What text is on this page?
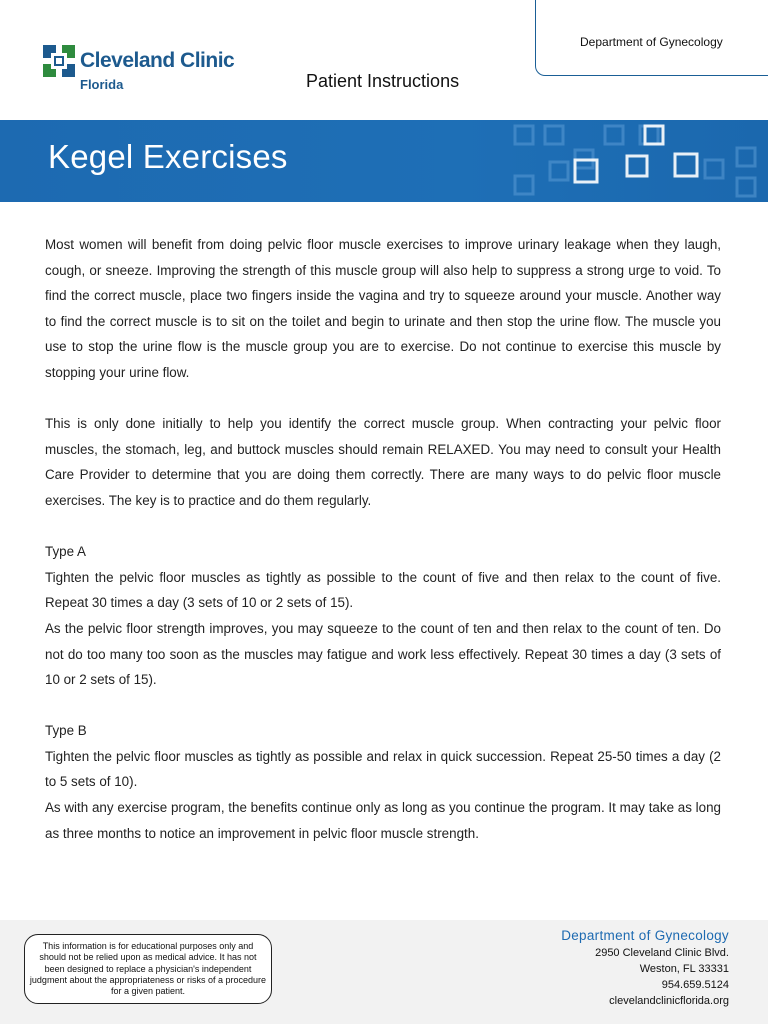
Department of Gynecology
Cleveland Clinic
Florida	Patient Instructions
Kegel Exercises

Most women will benefit from doing pelvic floor muscle exercises to improve urinary leakage when they laugh, cough, or sneeze. Improving the strength of this muscle group will also help to suppress a strong urge to void. To find the correct muscle, place two fingers inside the vagina and try to squeeze around your muscle. Another way to find the correct muscle is to sit on the toilet and begin to urinate and then stop the urine flow. The muscle you use to stop the urine flow is the muscle group you are to exercise. Do not continue to exercise this muscle by stopping your urine flow.

This is only done initially to help you identify the correct muscle group. When contracting your pelvic floor muscles, the stomach, leg, and buttock muscles should remain RELAXED. You may need to consult your Health Care Provider to determine that you are doing them correctly. There are many ways to do pelvic floor muscle exercises. The key is to practice and do them regularly.

Type A

Tighten the pelvic floor muscles as tightly as possible to the count of five and then relax to the count of five. Repeat 30 times a day (3 sets of 10 or 2 sets of 15).

As the pelvic floor strength improves, you may squeeze to the count of ten and then relax to the count of ten. Do not do too many too soon as the muscles may fatigue and work less effectively. Repeat 30 times a day (3 sets of 10 or 2 sets of 15).

Type B

Tighten the pelvic floor muscles as tightly as possible and relax in quick succession. Repeat 25-50 times a day (2 to 5 sets of 10).

As with any exercise program, the benefits continue only as long as you continue the program. It may take as long as three months to notice an improvement in pelvic floor muscle strength.

This information is for educational purposes only and should not be relied upon as medical advice. It has not been designed to replace a physician's independent judgment about the appropriateness or risks of a procedure for a given patient.
Department of Gynecology
2950 Cleveland Clinic Blvd.
Weston, FL 33331
954.659.5124
clevelandclinicflorida.org
